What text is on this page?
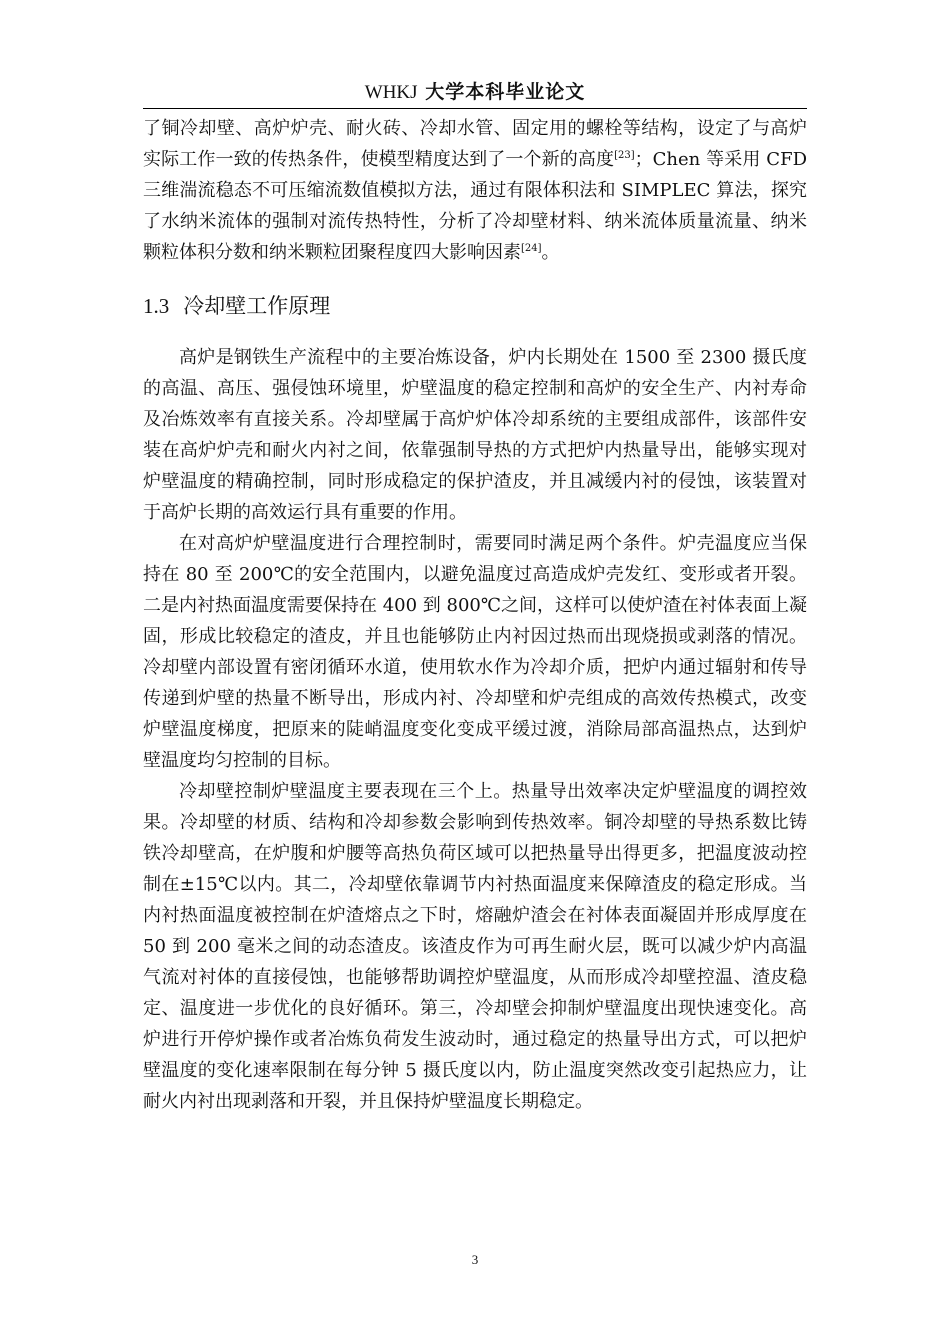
WHKJ 大学本科毕业论文

了铜冷却壁、高炉炉壳、耐火砖、冷却水管、固定用的螺栓等结构，设定了与高炉实际工作一致的传热条件，使模型精度达到了一个新的高度[23]；Chen 等采用 CFD 三维湍流稳态不可压缩流数值模拟方法，通过有限体积法和 SIMPLEC 算法，探究了水纳米流体的强制对流传热特性，分析了冷却壁材料、纳米流体质量流量、纳米颗粒体积分数和纳米颗粒团聚程度四大影响因素[24]。

1.3 冷却壁工作原理

高炉是钢铁生产流程中的主要冶炼设备，炉内长期处在 1500 至 2300 摄氏度的高温、高压、强侵蚀环境里，炉壁温度的稳定控制和高炉的安全生产、内衬寿命及冶炼效率有直接关系。冷却壁属于高炉炉体冷却系统的主要组成部件，该部件安装在高炉炉壳和耐火内衬之间，依靠强制导热的方式把炉内热量导出，能够实现对炉壁温度的精确控制，同时形成稳定的保护渣皮，并且减缓内衬的侵蚀，该装置对于高炉长期的高效运行具有重要的作用。

在对高炉炉壁温度进行合理控制时，需要同时满足两个条件。炉壳温度应当保持在 80 至 200℃的安全范围内，以避免温度过高造成炉壳发红、变形或者开裂。二是内衬热面温度需要保持在 400 到 800℃之间，这样可以使炉渣在衬体表面上凝固，形成比较稳定的渣皮，并且也能够防止内衬因过热而出现烧损或剥落的情况。冷却壁内部设置有密闭循环水道，使用软水作为冷却介质，把炉内通过辐射和传导传递到炉壁的热量不断导出，形成内衬、冷却壁和炉壳组成的高效传热模式，改变炉壁温度梯度，把原来的陡峭温度变化变成平缓过渡，消除局部高温热点，达到炉壁温度均匀控制的目标。

冷却壁控制炉壁温度主要表现在三个上。热量导出效率决定炉壁温度的调控效果。冷却壁的材质、结构和冷却参数会影响到传热效率。铜冷却壁的导热系数比铸铁冷却壁高，在炉腹和炉腰等高热负荷区域可以把热量导出得更多，把温度波动控制在±15℃以内。其二，冷却壁依靠调节内衬热面温度来保障渣皮的稳定形成。当内衬热面温度被控制在炉渣熔点之下时，熔融炉渣会在衬体表面凝固并形成厚度在 50 到 200 毫米之间的动态渣皮。该渣皮作为可再生耐火层，既可以减少炉内高温气流对衬体的直接侵蚀，也能够帮助调控炉壁温度，从而形成冷却壁控温、渣皮稳定、温度进一步优化的良好循环。第三，冷却壁会抑制炉壁温度出现快速变化。高炉进行开停炉操作或者冶炼负荷发生波动时，通过稳定的热量导出方式，可以把炉壁温度的变化速率限制在每分钟 5 摄氏度以内，防止温度突然改变引起热应力，让耐火内衬出现剥落和开裂，并且保持炉壁温度长期稳定。

3
